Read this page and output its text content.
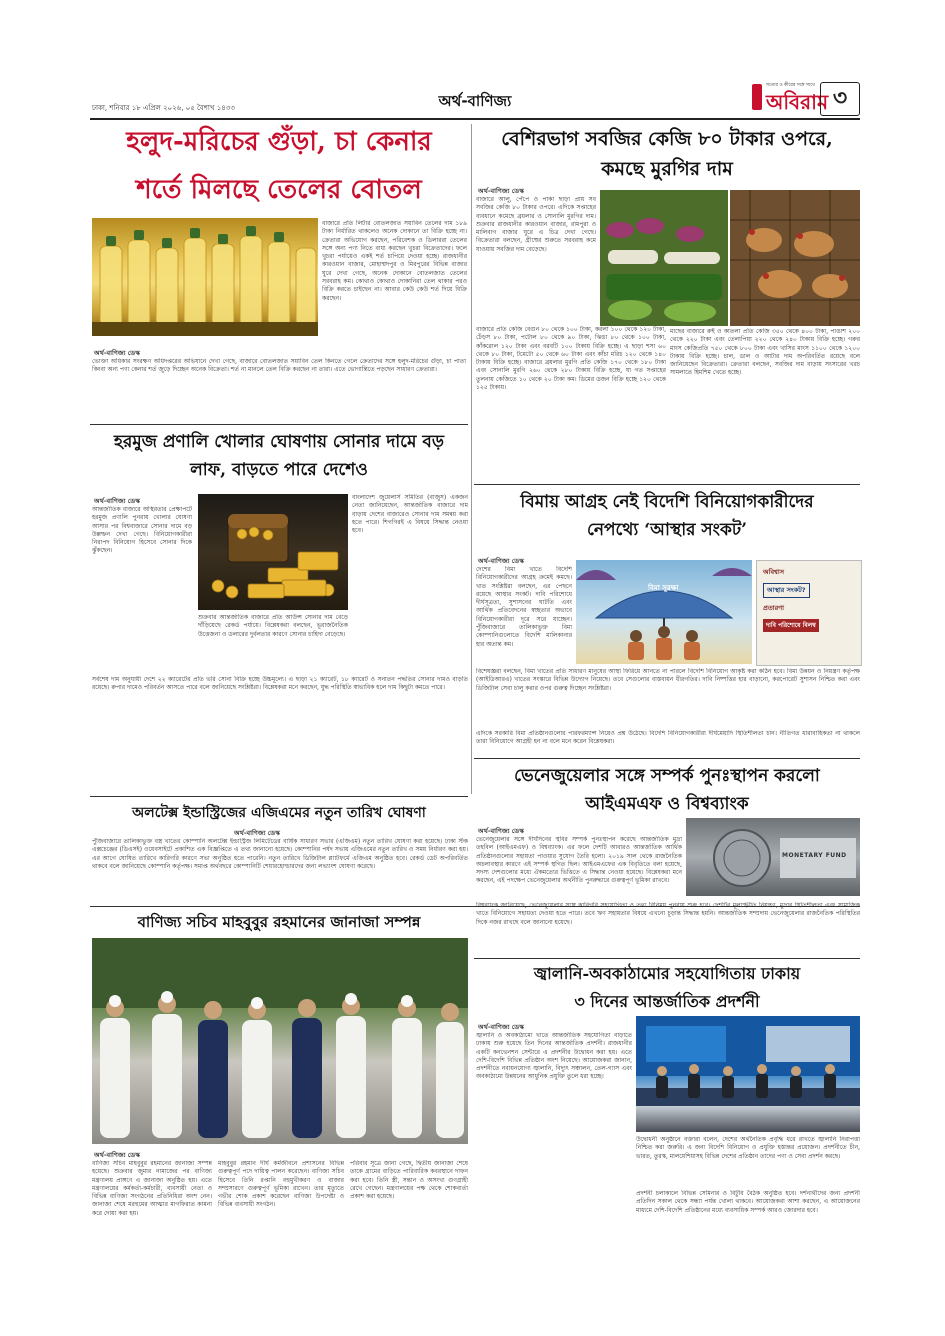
ঢাকা, শনিবার ১৮ এপ্রিল ২০২৬, ০৫ বৈশাখ ১৪৩৩	অর্থ-বাণিজ্য
সত্যের ও কীরের সঙ্গে সাথে
অবিরাম ৩
হলুদ-মরিচের গুঁড়া, চা কেনার
শর্তে মিলছে তেলের বোতল
অর্থ-বাণিজ্য ডেস্ক
ভোক্তা অধিকার সংরক্ষণ অধিদপ্তরের অভিযানে দেখা গেছে, বাজারে বোতলজাত সয়াবিন তেল কিনতে গেলে ক্রেতাদের সঙ্গে হলুদ-মরিচের গুঁড়া, চা পাতা কিংবা অন্য পণ্য কেনার শর্ত জুড়ে দিচ্ছেন অনেক বিক্রেতা। শর্ত না মানলে তেল বিক্রি করছেন না তারা। এতে ভোগান্তিতে পড়ছেন সাধারণ ক্রেতারা।
বাজারে প্রতি লিটার বোতলজাত সয়াবিন তেলের দাম ১৮৯ টাকা নির্ধারিত থাকলেও অনেক দোকানে তা বিক্রি হচ্ছে না। ক্রেতারা অভিযোগ করছেন, পরিবেশক ও ডিলাররা তেলের সঙ্গে অন্য পণ্য নিতে বাধ্য করছেন খুচরা বিক্রেতাদের। ফলে খুচরা পর্যায়েও একই শর্ত চাপিয়ে দেওয়া হচ্ছে। রাজধানীর কারওয়ান বাজার, মোহাম্মদপুর ও মিরপুরের বিভিন্ন বাজার ঘুরে দেখা গেছে, অনেক দোকানে বোতলজাত তেলের সরবরাহ কম। কোথাও কোথাও দোকানিরা তেল থাকার পরও বিক্রি করতে চাইছেন না। আবার কেউ কেউ শর্ত দিয়ে বিক্রি করছেন।
হরমুজ প্রণালি খোলার ঘোষণায় সোনার দামে বড়
লাফ, বাড়তে পারে দেশেও
অর্থ-বাণিজ্য ডেস্ক
আন্তর্জাতিক বাজারে অস্থিরতার প্রেক্ষাপটে হরমুজ প্রণালি পুনরায় খোলার ঘোষণা আসার পর বিশ্ববাজারে সোনার দামে বড় উল্লম্ফন দেখা গেছে। বিনিয়োগকারীরা নিরাপদ বিনিয়োগ হিসেবে সোনার দিকে ঝুঁকছেন।
শুক্রবার আন্তর্জাতিক বাজারে প্রতি আউন্স সোনার দাম বেড়ে দাঁড়িয়েছে রেকর্ড পর্যায়ে। বিশ্লেষকরা বলছেন, ভূরাজনৈতিক উত্তেজনা ও ডলারের দুর্বলতার কারণে সোনার চাহিদা বেড়েছে।
বাংলাদেশ জুয়েলার্স সমিতির (বাজুস) একজন নেতা জানিয়েছেন, আন্তর্জাতিক বাজারে দাম বাড়ায় দেশের বাজারেও সোনার দাম সমন্বয় করা হতে পারে। শিগগিরই এ বিষয়ে সিদ্ধান্ত নেওয়া হবে।
সর্বশেষ দাম অনুযায়ী দেশে ২২ ক্যারেটের প্রতি ভরি সোনা বিক্রি হচ্ছে উচ্চমূল্যে। এ ছাড়া ২১ ক্যারেট, ১৮ ক্যারেট ও সনাতন পদ্ধতির সোনার দামও বাড়তি রয়েছে। রুপার দামেও পরিবর্তন আসতে পারে বলে জানিয়েছে সংশ্লিষ্টরা। বিশ্লেষকরা মনে করছেন, যুদ্ধ পরিস্থিতি স্বাভাবিক হলে দাম কিছুটা কমতে পারে।
বেশিরভাগ সবজির কেজি ৮০ টাকার ওপরে,
কমছে মুরগির দাম
অর্থ-বাণিজ্য ডেস্ক
বাজারে আলু, পেঁপে ও পাকা ছাড়া প্রায় সব সবজির কেজি ৮০ টাকার ওপরে। এদিকে সপ্তাহের ব্যবধানে কমেছে ব্রয়লার ও সোনালি মুরগির দাম। শুক্রবার রাজধানীর কারওয়ান বাজার, রামপুরা ও মালিবাগ বাজার ঘুরে এ চিত্র দেখা গেছে। বিক্রেতারা বলছেন, গ্রীষ্মের শুরুতে সরবরাহ কমে যাওয়ায় সবজির দাম বেড়েছে।
বাজারে প্রতি কেজি বেগুন ৮০ থেকে ১০০ টাকা, করলা ১০০ থেকে ১২০ টাকা, ঢেঁড়স ৮০ টাকা, পটোল ৮০ থেকে ৯০ টাকা, ঝিঙা ৮০ থেকে ১০০ টাকা, কাঁকরোল ১২০ টাকা এবং বরবটি ১০০ টাকায় বিক্রি হচ্ছে। এ ছাড়া শসা ৬০ থেকে ৮০ টাকা, টমেটো ৫০ থেকে ৬০ টাকা এবং কাঁচা মরিচ ১২০ থেকে ১৪০ টাকায় বিক্রি হচ্ছে। বাজারে ব্রয়লার মুরগি প্রতি কেজি ১৭০ থেকে ১৮০ টাকা এবং সোনালি মুরগি ২৬০ থেকে ২৮০ টাকায় বিক্রি হচ্ছে, যা গত সপ্তাহের তুলনায় কেজিতে ১০ থেকে ২০ টাকা কম। ডিমের ডজন বিক্রি হচ্ছে ১২০ থেকে ১২৫ টাকায়।
মাছের বাজারে রুই ও কাতলা প্রতি কেজি ৩৫০ থেকে ৪০০ টাকা, পাঙাশ ২০০ থেকে ২২০ টাকা এবং তেলাপিয়া ২২০ থেকে ২৪০ টাকায় বিক্রি হচ্ছে। গরুর মাংস কেজিপ্রতি ৭৫০ থেকে ৮০০ টাকা এবং খাসির মাংস ১১০০ থেকে ১২০০ টাকায় বিক্রি হচ্ছে। চাল, ডাল ও আটার দাম অপরিবর্তিত রয়েছে বলে জানিয়েছেন বিক্রেতারা। ক্রেতারা বলছেন, সবজির দাম বাড়ায় সংসারের খরচ সামলাতে হিমশিম খেতে হচ্ছে।
বিমায় আগ্রহ নেই বিদেশি বিনিয়োগকারীদের
নেপথ্যে ‘আস্থার সংকট’
অর্থ-বাণিজ্য ডেস্ক
দেশের বিমা খাতে বিদেশি বিনিয়োগকারীদের আগ্রহ ক্রমেই কমছে। খাত সংশ্লিষ্টরা বলছেন, এর পেছনে রয়েছে আস্থার সংকট। দাবি পরিশোধে দীর্ঘসূত্রতা, সুশাসনের ঘাটতি এবং আর্থিক প্রতিবেদনের স্বচ্ছতার অভাবে বিনিয়োগকারীরা দূরে সরে যাচ্ছেন। পুঁজিবাজারে তালিকাভুক্ত বিমা কোম্পানিগুলোতে বিদেশি মালিকানার হার অত্যন্ত কম।
বিমা সুরক্ষা
অবিশ্বাস
আস্থার সংকট?
প্রতারণা
দাবি পরিশোধে বিলম্ব
বিশেষজ্ঞরা বলছেন, বিমা খাতের প্রতি সাধারণ মানুষের আস্থা ফিরিয়ে আনতে না পারলে বিদেশি বিনিয়োগ আকৃষ্ট করা কঠিন হবে। বিমা উন্নয়ন ও নিয়ন্ত্রণ কর্তৃপক্ষ (আইডিআরএ) খাতের সংস্কারে বিভিন্ন উদ্যোগ নিয়েছে। তবে সেগুলোর বাস্তবায়ন ধীরগতির। দাবি নিষ্পত্তির হার বাড়ানো, করপোরেট সুশাসন নিশ্চিত করা এবং ডিজিটাল সেবা চালু করার ওপর গুরুত্ব দিচ্ছেন সংশ্লিষ্টরা।
এদিকে সরকারি বিমা প্রতিষ্ঠানগুলোর পারফরম্যান্স নিয়েও প্রশ্ন উঠেছে। বিদেশি বিনিয়োগকারীরা দীর্ঘমেয়াদি স্থিতিশীলতা চান। নীতিগত ধারাবাহিকতা না থাকলে তারা বিনিয়োগে আগ্রহী হন না বলে মনে করেন বিশ্লেষকরা।
ভেনেজুয়েলার সঙ্গে সম্পর্ক পুনঃস্থাপন করলো
আইএমএফ ও বিশ্বব্যাংক
অর্থ-বাণিজ্য ডেস্ক
MONETARY FUND
ভেনেজুয়েলার সঙ্গে দীর্ঘদিনের স্থবির সম্পর্ক পুনঃস্থাপন করেছে আন্তর্জাতিক মুদ্রা তহবিল (আইএমএফ) ও বিশ্বব্যাংক। এর ফলে দেশটি আবারও আন্তর্জাতিক আর্থিক প্রতিষ্ঠানগুলোর সহায়তা পাওয়ার সুযোগ তৈরি হলো। ২০১৯ সাল থেকে রাজনৈতিক অচলাবস্থার কারণে এই সম্পর্ক স্থগিত ছিল। আইএমএফের এক বিবৃতিতে বলা হয়েছে, সদস্য দেশগুলোর মধ্যে ঐকমত্যের ভিত্তিতে এ সিদ্ধান্ত নেওয়া হয়েছে। বিশ্লেষকরা মনে করছেন, এই পদক্ষেপ ভেনেজুয়েলার অর্থনীতি পুনরুদ্ধারে গুরুত্বপূর্ণ ভূমিকা রাখবে।
খাতে বিনিয়োগে সহায়তা দেওয়া হতে পারে। তবে ঋণ সহায়তার বিষয়ে এখনো চূড়ান্ত সিদ্ধান্ত হয়নি। আন্তর্জাতিক সম্প্রদায় ভেনেজুয়েলার রাজনৈতিক পরিস্থিতির দিকে নজর রাখছে বলে জানানো হয়েছে।
অলটেক্স ইন্ডাস্ট্রিজের এজিএমের নতুন তারিখ ঘোষণা
অর্থ-বাণিজ্য ডেস্ক
পুঁজিবাজারে তালিকাভুক্ত বস্ত্র খাতের কোম্পানি অলটেক্স ইন্ডাস্ট্রিজ লিমিটেডের বার্ষিক সাধারণ সভার (এজিএম) নতুন তারিখ ঘোষণা করা হয়েছে। ঢাকা স্টক এক্সচেঞ্জের (ডিএসই) ওয়েবসাইটে প্রকাশিত এক বিজ্ঞপ্তিতে এ তথ্য জানানো হয়েছে। কোম্পানির পর্ষদ সভায় এজিএমের নতুন তারিখ ও সময় নির্ধারণ করা হয়। এর আগে ঘোষিত তারিখে কারিগরি কারণে সভা অনুষ্ঠিত হতে পারেনি। নতুন তারিখে ডিজিটাল প্ল্যাটফর্মে এজিএম অনুষ্ঠিত হবে। রেকর্ড ডেট অপরিবর্তিত থাকবে বলে জানিয়েছে কোম্পানি কর্তৃপক্ষ। সমাপ্ত অর্থবছরে কোম্পানিটি শেয়ারহোল্ডারদের জন্য লভ্যাংশ ঘোষণা করেছে।
বাণিজ্য সচিব মাহবুবুর রহমানের জানাজা সম্পন্ন
অর্থ-বাণিজ্য ডেস্ক
বাণিজ্য সচিব মাহবুবুর রহমানের জানাজা সম্পন্ন হয়েছে। শুক্রবার জুমার নামাজের পর বাণিজ্য মন্ত্রণালয় প্রাঙ্গণে এ জানাজা অনুষ্ঠিত হয়। এতে মন্ত্রণালয়ের কর্মকর্তা-কর্মচারী, ব্যবসায়ী নেতা ও বিভিন্ন বাণিজ্য সংগঠনের প্রতিনিধিরা অংশ নেন। জানাজা শেষে মরহুমের আত্মার মাগফিরাত কামনা করে দোয়া করা হয়।
মাহবুবুর রহমান দীর্ঘ কর্মজীবনে প্রশাসনের বিভিন্ন গুরুত্বপূর্ণ পদে দায়িত্ব পালন করেছেন। বাণিজ্য সচিব হিসেবে তিনি রপ্তানি বহুমুখীকরণ ও বাজার সম্প্রসারণে গুরুত্বপূর্ণ ভূমিকা রাখেন। তার মৃত্যুতে গভীর শোক প্রকাশ করেছেন বাণিজ্য উপদেষ্টা ও বিভিন্ন ব্যবসায়ী সংগঠন।
পরিবার সূত্রে জানা গেছে, দ্বিতীয় জানাজা শেষে তাকে গ্রামের বাড়িতে পারিবারিক কবরস্থানে দাফন করা হবে। তিনি স্ত্রী, সন্তান ও অসংখ্য গুণগ্রাহী রেখে গেছেন। মন্ত্রণালয়ের পক্ষ থেকে শোকবার্তা প্রকাশ করা হয়েছে।
জ্বালানি-অবকাঠামোর সহযোগিতায় ঢাকায়
৩ দিনের আন্তর্জাতিক প্রদর্শনী
অর্থ-বাণিজ্য ডেস্ক
জ্বালানি ও অবকাঠামো খাতে আন্তর্জাতিক সহযোগিতা বাড়াতে ঢাকায় শুরু হয়েছে তিন দিনের আন্তর্জাতিক প্রদর্শনী। রাজধানীর একটি কনভেনশন সেন্টারে এ প্রদর্শনীর উদ্বোধন করা হয়। এতে দেশি-বিদেশি বিভিন্ন প্রতিষ্ঠান অংশ নিয়েছে। আয়োজকরা জানান, প্রদর্শনীতে নবায়নযোগ্য জ্বালানি, বিদ্যুৎ সঞ্চালন, তেল-গ্যাস এবং অবকাঠামো উন্নয়নের আধুনিক প্রযুক্তি তুলে ধরা হচ্ছে।
উদ্বোধনী অনুষ্ঠানে বক্তারা বলেন, দেশের অর্থনৈতিক প্রবৃদ্ধি ধরে রাখতে জ্বালানি নিরাপত্তা নিশ্চিত করা জরুরি। এ জন্য বিদেশি বিনিয়োগ ও প্রযুক্তি হস্তান্তর প্রয়োজন। প্রদর্শনীতে চীন, ভারত, তুরস্ক, মালয়েশিয়াসহ বিভিন্ন দেশের প্রতিষ্ঠান তাদের পণ্য ও সেবা প্রদর্শন করছে।
প্রদর্শনী চলাকালে বিভিন্ন সেমিনার ও বিটুবি বৈঠক অনুষ্ঠিত হবে। দর্শনার্থীদের জন্য প্রদর্শনী প্রতিদিন সকাল থেকে সন্ধ্যা পর্যন্ত খোলা থাকবে। আয়োজকরা আশা করছেন, এ আয়োজনের মাধ্যমে দেশি-বিদেশি প্রতিষ্ঠানের মধ্যে ব্যবসায়িক সম্পর্ক আরও জোরদার হবে।
